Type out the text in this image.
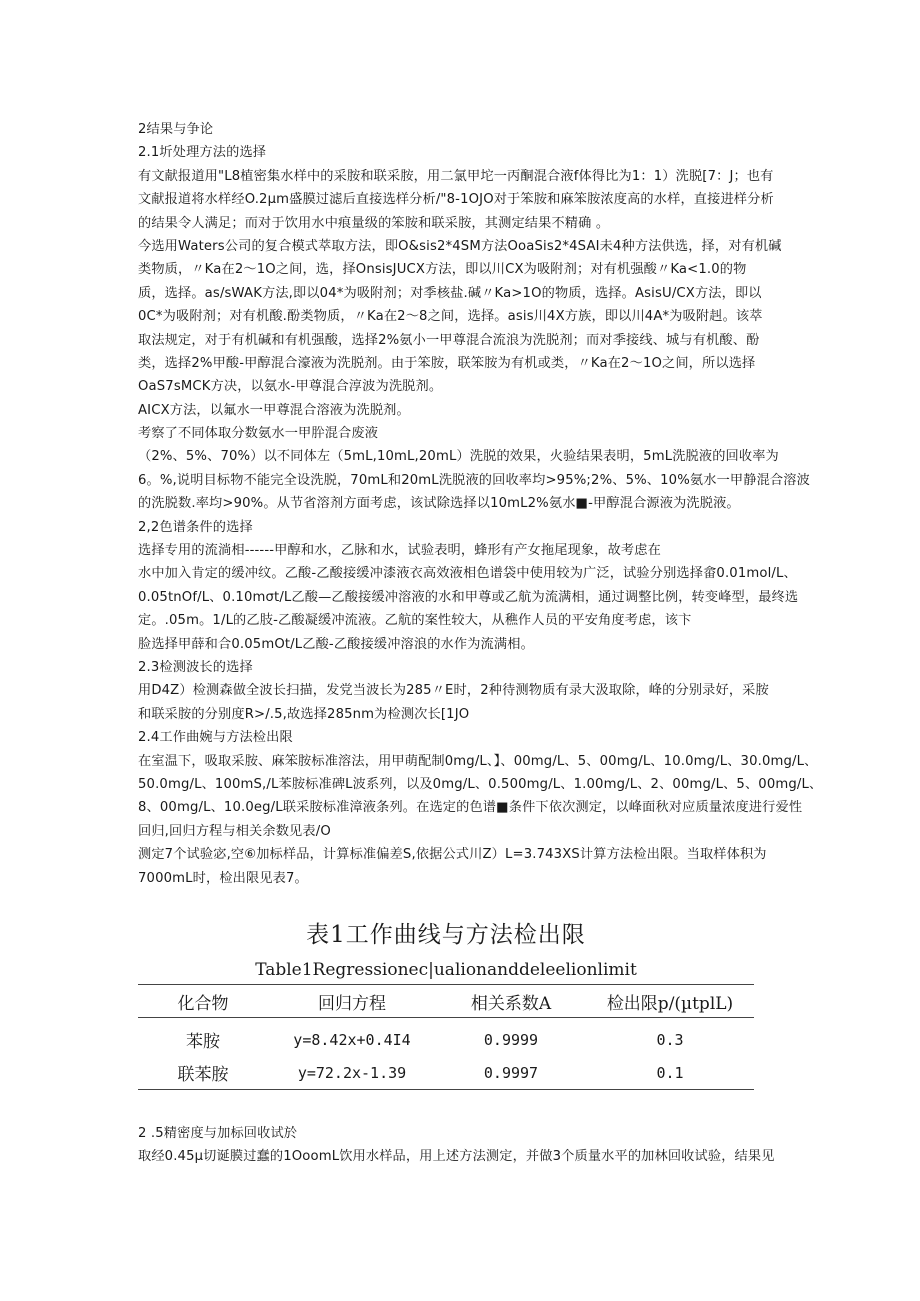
2结果与争论
2.1圻处理方法的选择
有文献报道用"L8植密集水样中的采胺和联采胺，用二氯甲坨一丙酮混合液f体得比为1：1）洗脱[7：J；也有
文献报道将水样经O.2μm盛膜过滤后直接选样分析/"8-1OJO对于笨胺和麻笨胺浓度高的水样，直接进样分析
的结果令人满足；而对于饮用水中痕量级的笨胺和联采胺，其测定结果不精确 。
今选用Waters公司的复合模式萃取方法，即O&sis2*4SM方法OoaSis2*4SAI未4种方法供选，择，对有机碱
类物质，〃Ka在2～1O之间，选，择OnsisJUCX方法，即以川CX为吸附剂；对有机强酸〃Ka<1.0的物
质，选择。as/sWAK方法,即以04*为吸附剂；对季核盐.碱〃Ka>1O的物质，选择。AsisU/CX方法，即以
0C*为吸附剂；对有机酸.酚类物质，〃Ka在2～8之间，选择。asis川4X方族，即以川4A*为吸附赳。该萃
取法规定，对于有机碱和有机强酸，选择2%氨小一甲尊混合流浪为洗脱剂；而对季接线、城与有机酸、酚
类，选择2%甲酸-甲醇混合濠液为洗脱剂。由于笨胺，联笨胺为有机或类，〃Ka在2～1O之间，所以选择
OaS7sMCK方决，以氨水-甲尊混合淳波为洗脱剂。
AICX方法，以氟水一甲尊混合溶液为洗脱剂。
考察了不同体取分数氨水一甲肸混合废液
（2%、5%、70%）以不同体左（5mL,10mL,20mL）洗脱的效果，火验结果表明，5mL洗脱液的回收率为
6。%,说明目标物不能完全设洗脱，70mL和20mL洗脱液的回收率均>95%;2%、5%、10%氨水一甲静混合溶波
的洗脱数.率均>90%。从节省溶剂方面考虑，该试除选择以10mL2%氨水■-甲醇混合源液为洗脱液。
2,2色谱条件的选择
选择专用的流淌相------甲醇和水，乙脉和水，试验表明，蜂形有产女拖尾现象，故考虑在
水中加入肯定的缓冲纹。乙酸-乙酸接缓冲漆液衣高效液相色谱袋中使用较为广泛，试验分别选择畲0.01mol/L、
0.05tnOf/L、0.10mσt/L乙酸—乙酸接缓冲溶液的水和甲尊或乙航为流满相，通过调整比例，转变峰型，最终选
定。.05m。1/L的乙肢-乙酸凝缓冲流液。乙航的案性较大，从穛作人员的平安角度考虑，该卞
脸选择甲薛和合0.05mOt/L乙酸-乙酸接缓冲溶浪的水作为流满相。
2.3检测波长的选择
用D4Z）检测森做全波长扫描，发党当波长为285〃E时，2种待测物质有录大汲取除，峰的分别录好，采胺
和联采胺的分别度R>/.5,故选择285nm为检测次长[1JO
2.4工作曲婉与方法检出限
在室温下，吸取采胺、麻笨胺标准溶法，用甲萌配制0mg/L、】、00mg/L、5、00mg/L、10.0mg/L、30.0mg/L、
50.0mg/L、100mS,/L苯胺标准碑L波系列，以及0mg/L、0.500mg/L、1.00mg/L、2、00mg/L、5、00mg/L、
8、00mg/L、10.0eg/L联采胺标准漳液条列。在选定的色谱■条件下依次测定，以峰面秋对应质量浓度进行爱性
回归,回归方程与相关余数见表/O
测定7个试验宓,空⑥加标样品，计算标准偏差S,依据公式川Z）L=3.743XS计算方法检出限。当取样体积为
7000mL时，检出限见表7。
表1工作曲线与方法检出限
Table1Regressionec|ualionanddeleelionlimit
化合物	回归方程	相关系数A	检出限p/(µtplL)
苯胺	y=8.42x+0.4I4	0.9999	0.3
联苯胺	y=72.2x-1.39	0.9997	0.1
2 .5精密度与加标回收试於
取经0.45μ切诞膜过蠢的1OoomL饮用水样品，用上述方法测定，并做3个质量水平的加林回收试验，结果见
